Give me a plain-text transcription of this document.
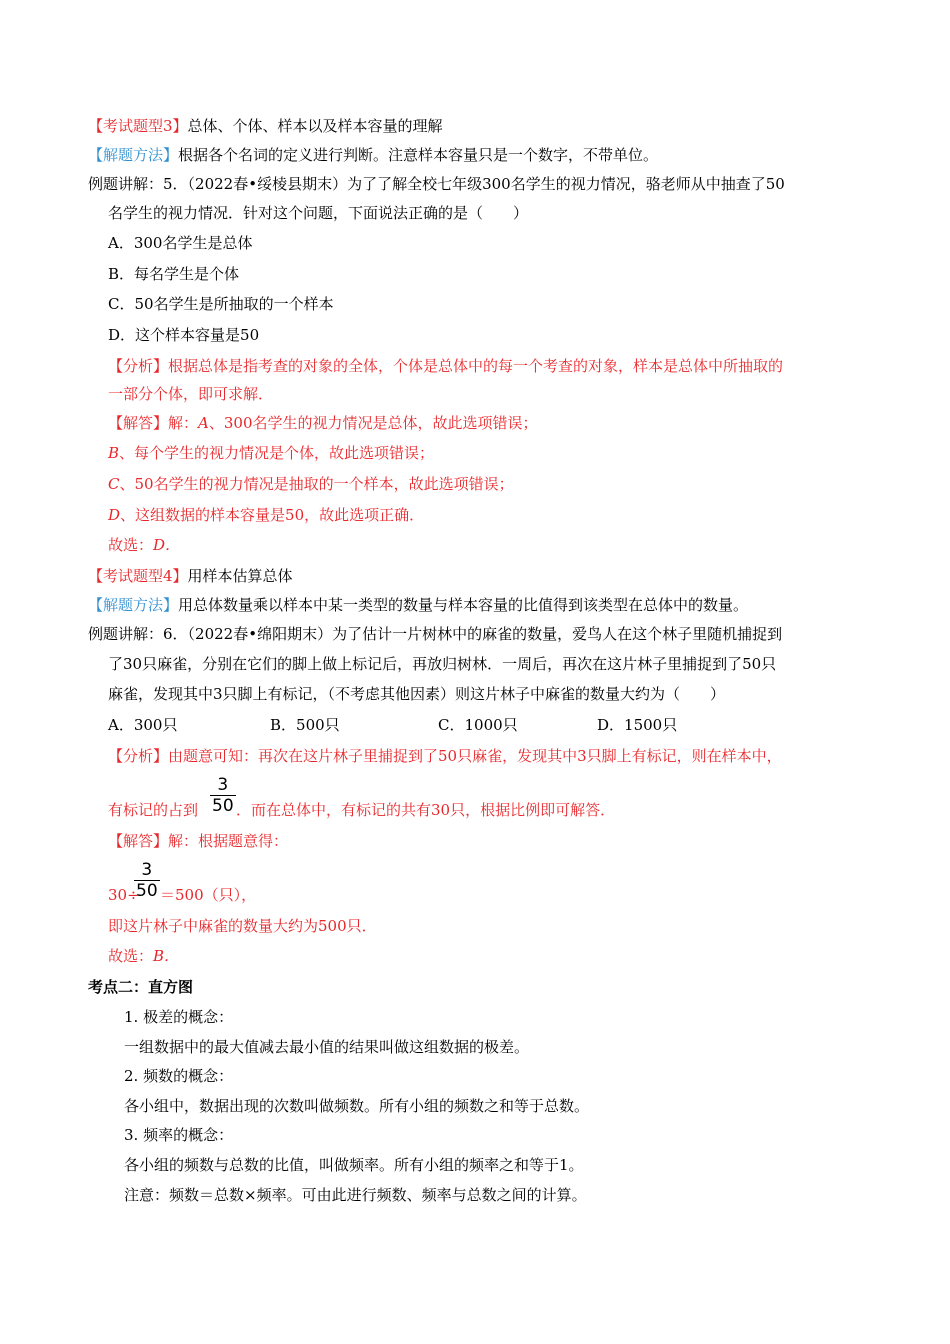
【考试题型3】总体、个体、样本以及样本容量的理解
【解题方法】根据各个名词的定义进行判断。注意样本容量只是一个数字，不带单位。
例题讲解：5．（2022春•绥棱县期末）为了了解全校七年级300名学生的视力情况，骆老师从中抽查了50
名学生的视力情况．针对这个问题，下面说法正确的是（　　）
A．300名学生是总体
B．每名学生是个体
C．50名学生是所抽取的一个样本
D．这个样本容量是50
【分析】根据总体是指考查的对象的全体，个体是总体中的每一个考查的对象，样本是总体中所抽取的
一部分个体，即可求解．
【解答】解：A、300名学生的视力情况是总体，故此选项错误；
B、每个学生的视力情况是个体，故此选项错误；
C、50名学生的视力情况是抽取的一个样本，故此选项错误；
D、这组数据的样本容量是50，故此选项正确．
故选：D．
【考试题型4】用样本估算总体
【解题方法】用总体数量乘以样本中某一类型的数量与样本容量的比值得到该类型在总体中的数量。
例题讲解：6．（2022春•绵阳期末）为了估计一片树林中的麻雀的数量，爱鸟人在这个林子里随机捕捉到
了30只麻雀，分别在它们的脚上做上标记后，再放归树林．一周后，再次在这片林子里捕捉到了50只
麻雀，发现其中3只脚上有标记，（不考虑其他因素）则这片林子中麻雀的数量大约为（　　）
A．300只	B．500只	C．1000只	D．1500只
【分析】由题意可知：再次在这片林子里捕捉到了50只麻雀，发现其中3只脚上有标记，则在样本中，
$\frac{3}{50}$
有标记的占到	．而在总体中，有标记的共有30只，根据比例即可解答．
【解答】解：根据题意得：
$\frac{3}{50}$
30÷ ＝500（只），
即这片林子中麻雀的数量大约为500只．
故选：B．
考点二：直方图
1. 极差的概念：
一组数据中的最大值减去最小值的结果叫做这组数据的极差。
2. 频数的概念：
各小组中，数据出现的次数叫做频数。所有小组的频数之和等于总数。
3. 频率的概念：
各小组的频数与总数的比值，叫做频率。所有小组的频率之和等于1。
注意：频数＝总数×频率。可由此进行频数、频率与总数之间的计算。
